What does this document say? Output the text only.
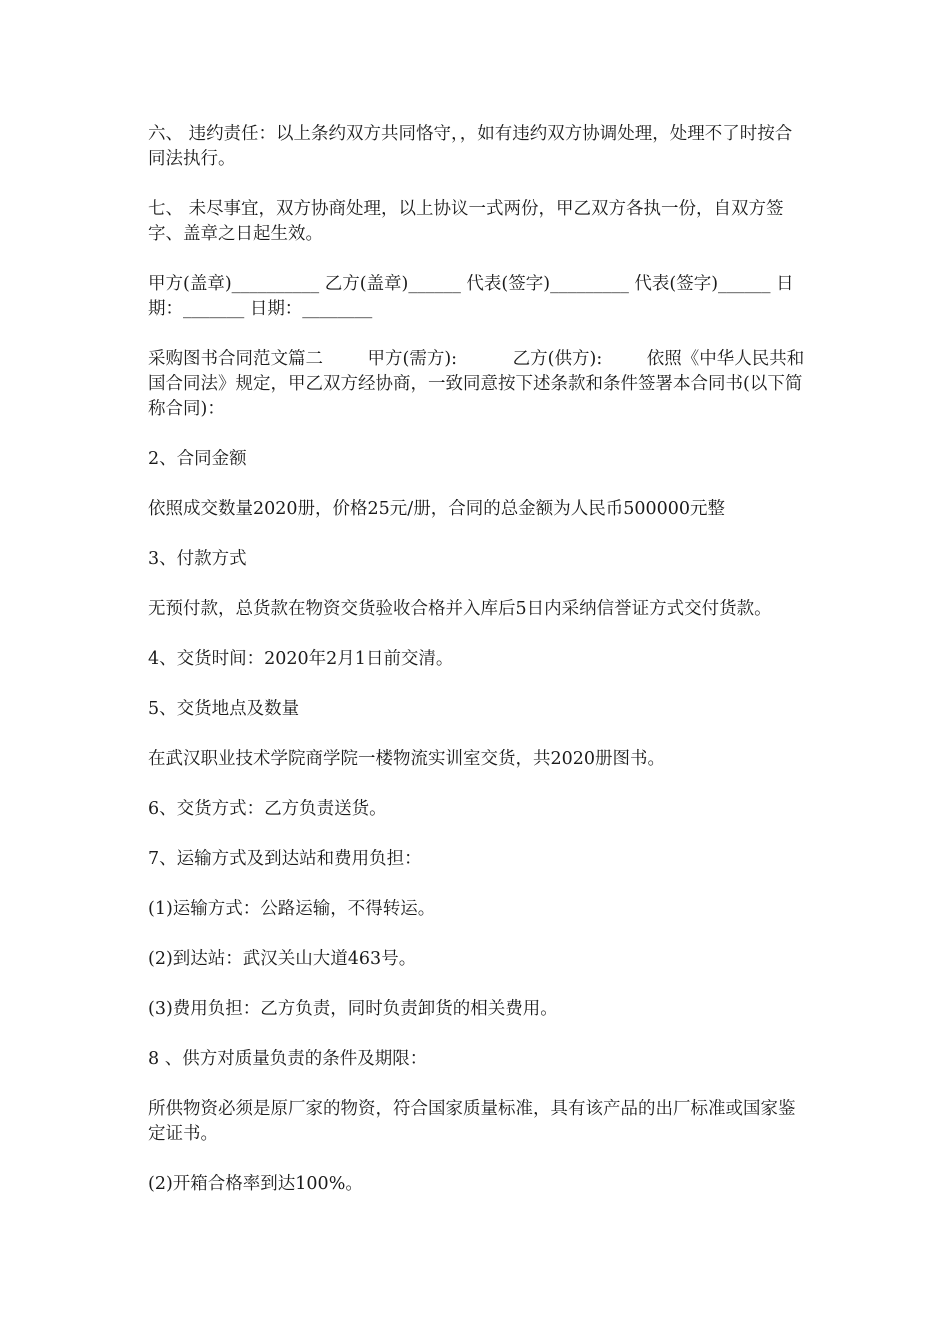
六、 违约责任：以上条约双方共同恪守，，如有违约双方协调处理，处理不了时按合同法执行。

七、 未尽事宜，双方协商处理，以上协议一式两份，甲乙双方各执一份，自双方签字、盖章之日起生效。

甲方(盖章)__________ 乙方(盖章)______ 代表(签字)_________ 代表(签字)______ 日期：_______ 日期：________

采购图书合同范文篇二        甲方(需方):          乙方(供方):        依照《中华人民共和国合同法》规定，甲乙双方经协商，一致同意按下述条款和条件签署本合同书(以下简称合同)：

2、合同金额

依照成交数量2020册，价格25元/册，合同的总金额为人民币500000元整

3、付款方式

无预付款，总货款在物资交货验收合格并入库后5日内采纳信誉证方式交付货款。

4、交货时间：2020年2月1日前交清。

5、交货地点及数量

在武汉职业技术学院商学院一楼物流实训室交货，共2020册图书。

6、交货方式：乙方负责送货。

7、运输方式及到达站和费用负担：

(1)运输方式：公路运输，不得转运。

(2)到达站：武汉关山大道463号。

(3)费用负担：乙方负责，同时负责卸货的相关费用。

8 、供方对质量负责的条件及期限：

所供物资必须是原厂家的物资，符合国家质量标准，具有该产品的出厂标准或国家鉴定证书。

(2)开箱合格率到达100%。
